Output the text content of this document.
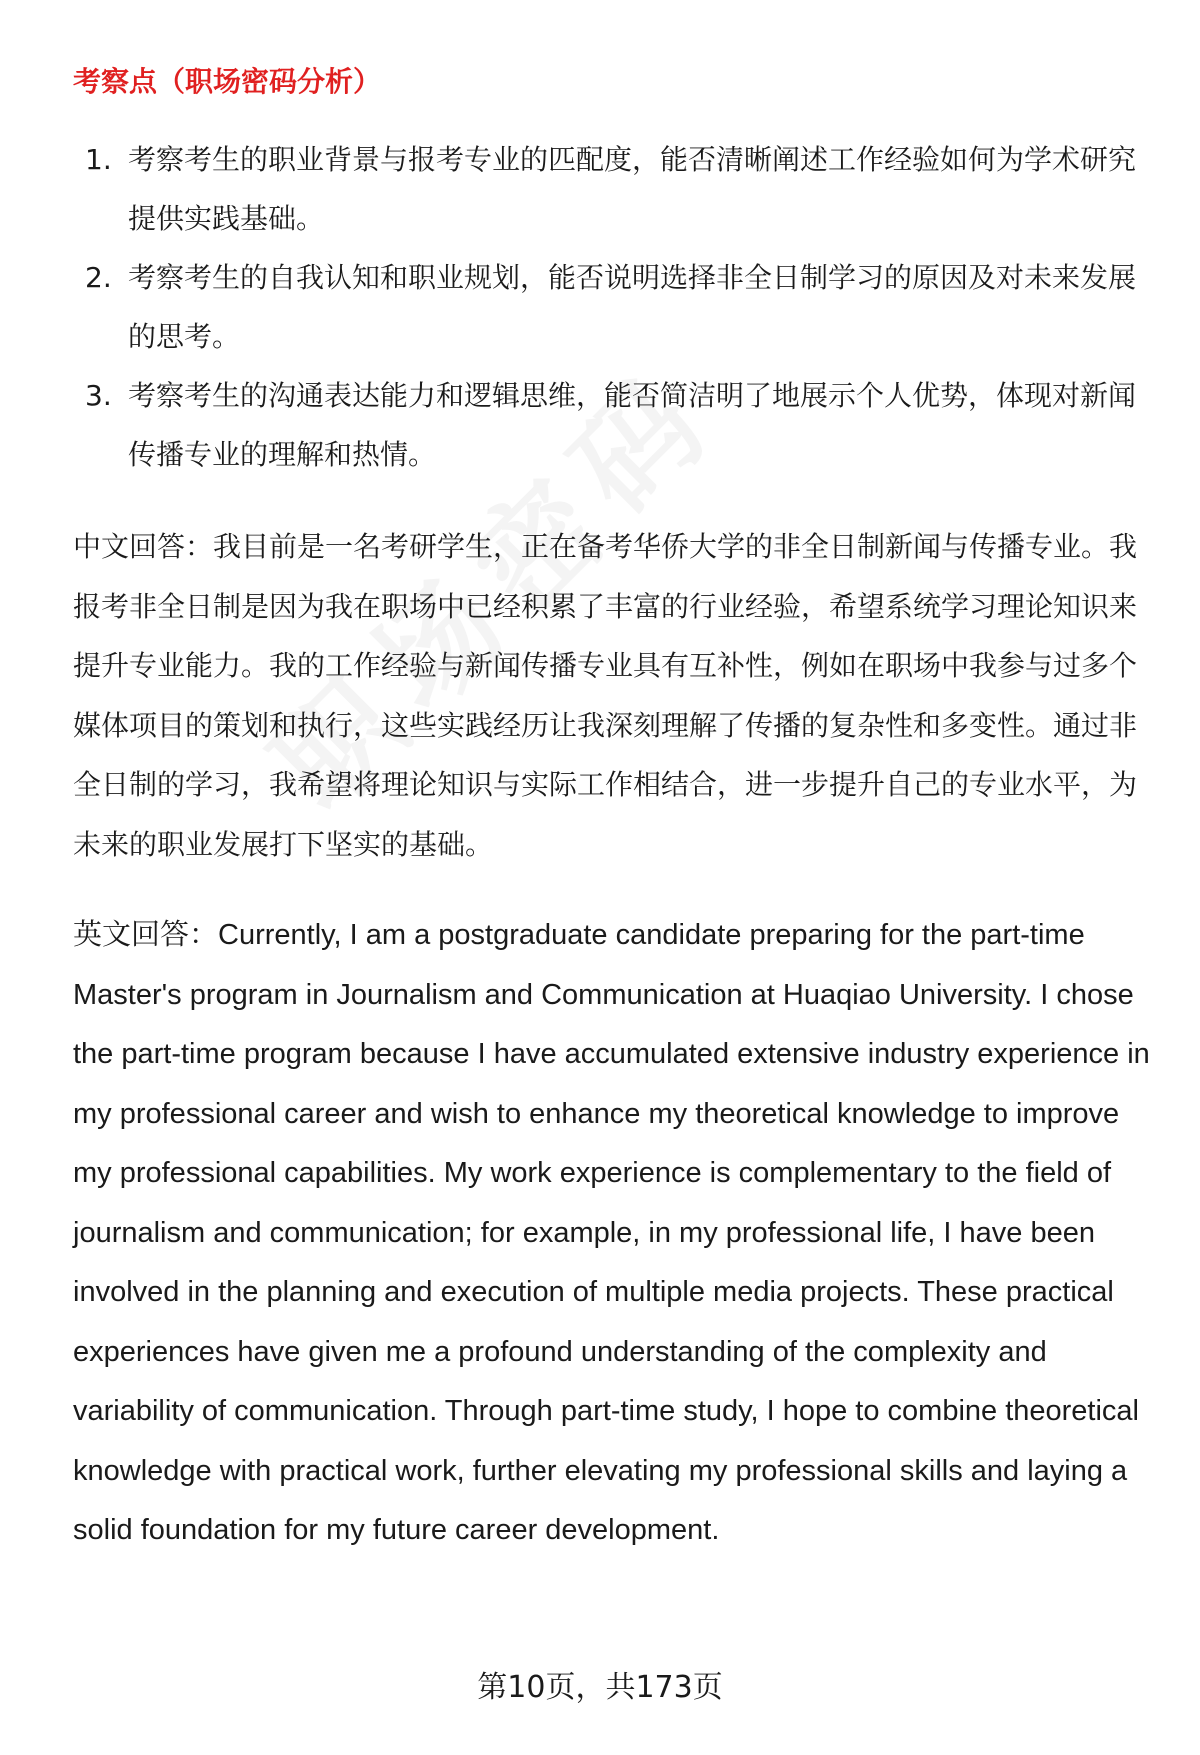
考察点（职场密码分析）
1. 考察考生的职业背景与报考专业的匹配度，能否清晰阐述工作经验如何为学术研究提供实践基础。
2. 考察考生的自我认知和职业规划，能否说明选择非全日制学习的原因及对未来发展的思考。
3. 考察考生的沟通表达能力和逻辑思维，能否简洁明了地展示个人优势，体现对新闻传播专业的理解和热情。

中文回答：我目前是一名考研学生，正在备考华侨大学的非全日制新闻与传播专业。我报考非全日制是因为我在职场中已经积累了丰富的行业经验，希望系统学习理论知识来提升专业能力。我的工作经验与新闻传播专业具有互补性，例如在职场中我参与过多个媒体项目的策划和执行，这些实践经历让我深刻理解了传播的复杂性和多变性。通过非全日制的学习，我希望将理论知识与实际工作相结合，进一步提升自己的专业水平，为未来的职业发展打下坚实的基础。

英文回答：Currently, I am a postgraduate candidate preparing for the part-time Master's program in Journalism and Communication at Huaqiao University. I chose the part-time program because I have accumulated extensive industry experience in my professional career and wish to enhance my theoretical knowledge to improve my professional capabilities. My work experience is complementary to the field of journalism and communication; for example, in my professional life, I have been involved in the planning and execution of multiple media projects. These practical experiences have given me a profound understanding of the complexity and variability of communication. Through part-time study, I hope to combine theoretical knowledge with practical work, further elevating my professional skills and laying a solid foundation for my future career development.

第10页，共173页
